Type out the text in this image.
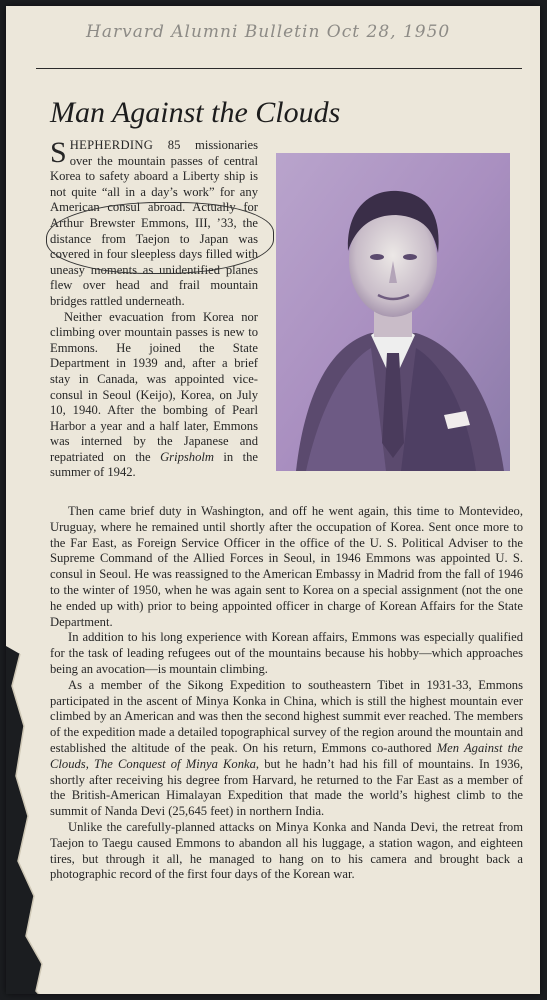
Harvard Alumni Bulletin Oct 28, 1950
Man Against the Clouds

SHEPHERDING 85 missionaries over the mountain passes of central Korea to safety aboard a Liberty ship is not quite “all in a day’s work” for any American consul abroad. Actually for Arthur Brewster Emmons, III, ’33, the distance from Taejon to Japan was covered in four sleepless days filled with uneasy moments as unidentified planes flew over head and frail mountain bridges rattled underneath.

Neither evacuation from Korea nor climbing over mountain passes is new to Emmons. He joined the State Department in 1939 and, after a brief stay in Canada, was appointed vice-consul in Seoul (Keijo), Korea, on July 10, 1940. After the bombing of Pearl Harbor a year and a half later, Emmons was interned by the Japanese and repatriated on the Gripsholm in the summer of 1942.

Then came brief duty in Washington, and off he went again, this time to Montevideo, Uruguay, where he remained until shortly after the occupation of Korea. Sent once more to the Far East, as Foreign Service Officer in the office of the U. S. Political Adviser to the Supreme Command of the Allied Forces in Seoul, in 1946 Emmons was appointed U. S. consul in Seoul. He was reassigned to the American Embassy in Madrid from the fall of 1946 to the winter of 1950, when he was again sent to Korea on a special assignment (not the one he ended up with) prior to being appointed officer in charge of Korean Affairs for the State Department.

In addition to his long experience with Korean affairs, Emmons was especially qualified for the task of leading refugees out of the mountains because his hobby—which approaches being an avocation—is mountain climbing.

As a member of the Sikong Expedition to southeastern Tibet in 1931-33, Emmons participated in the ascent of Minya Konka in China, which is still the highest mountain ever climbed by an American and was then the second highest summit ever reached. The members of the expedition made a detailed topographical survey of the region around the mountain and established the altitude of the peak. On his return, Emmons co-authored Men Against the Clouds, The Conquest of Minya Konka, but he hadn’t had his fill of mountains. In 1936, shortly after receiving his degree from Harvard, he returned to the Far East as a member of the British-American Himalayan Expedition that made the world’s highest climb to the summit of Nanda Devi (25,645 feet) in northern India.

Unlike the carefully-planned attacks on Minya Konka and Nanda Devi, the retreat from Taejon to Taegu caused Emmons to abandon all his luggage, a station wagon, and eighteen tires, but through it all, he managed to hang on to his camera and brought back a photographic record of the first four days of the Korean war.
